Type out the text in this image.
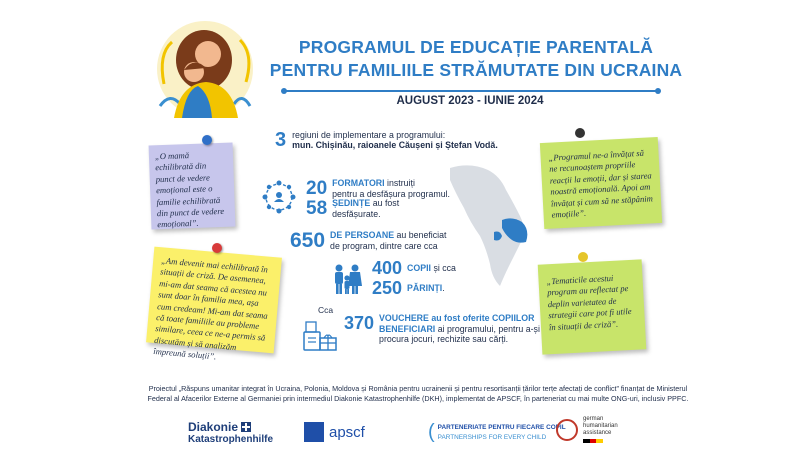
PROGRAMUL DE EDUCAȚIE PARENTALĂ
PENTRU FAMILIILE STRĂMUTATE DIN UCRAINA
AUGUST 2023 - IUNIE 2024
„O mamă echilibrată din punct de vedere emoțional este o familie echilibrată din punct de vedere emoțional”.
„Am devenit mai echilibrată în situații de criză. De asemenea, mi-am dat seama că acestea nu sunt doar în familia mea, așa cum credeam! Mi-am dat seama că toate familiile au probleme similare, ceea ce ne-a permis să discutăm și să analizăm împreună soluții”.
„Programul ne-a învățat să ne recunoaștem propriile reacții la emoții, dar și starea noastră emoțională. Apoi am învățat și cum să ne stăpânim emoțiile”.
„Tematicile acestui program au reflectat pe deplin varietatea de strategii care pot fi utile în situații de criză”.
3 regiuni de implementare a programului:
mun. Chișinău, raioanele Căușeni și Ștefan Vodă.
20 FORMATORI instruiți
pentru a desfășura programul.
58 ȘEDINȚE au fost
desfășurate.
650 DE PERSOANE au beneficiat
de program, dintre care cca
400 COPII și cca
250 PĂRINȚI.
Cca
370 VOUCHERE au fost oferite COPIILOR BENEFICIARI ai programului, pentru a-și procura jocuri, rechizite sau cărți.
Proiectul „Răspuns umanitar integrat în Ucraina, Polonia, Moldova și România pentru ucrainenii și pentru resortisanții țărilor terțe afectați de conflict” finanțat de Ministerul Federal al Afacerilor Externe al Germaniei prin intermediul Diakonie Katastrophenhilfe (DKH), implementat de APSCF, în parteneriat cu mai multe ONG-uri, inclusiv PPFC.
Diakonie
Katastrophenhilfe	apscf	( PARTENERIATE PENTRU FIECARE COPIL
PARTNERSHIPS FOR EVERY CHILD
german
humanitarian
assistance
